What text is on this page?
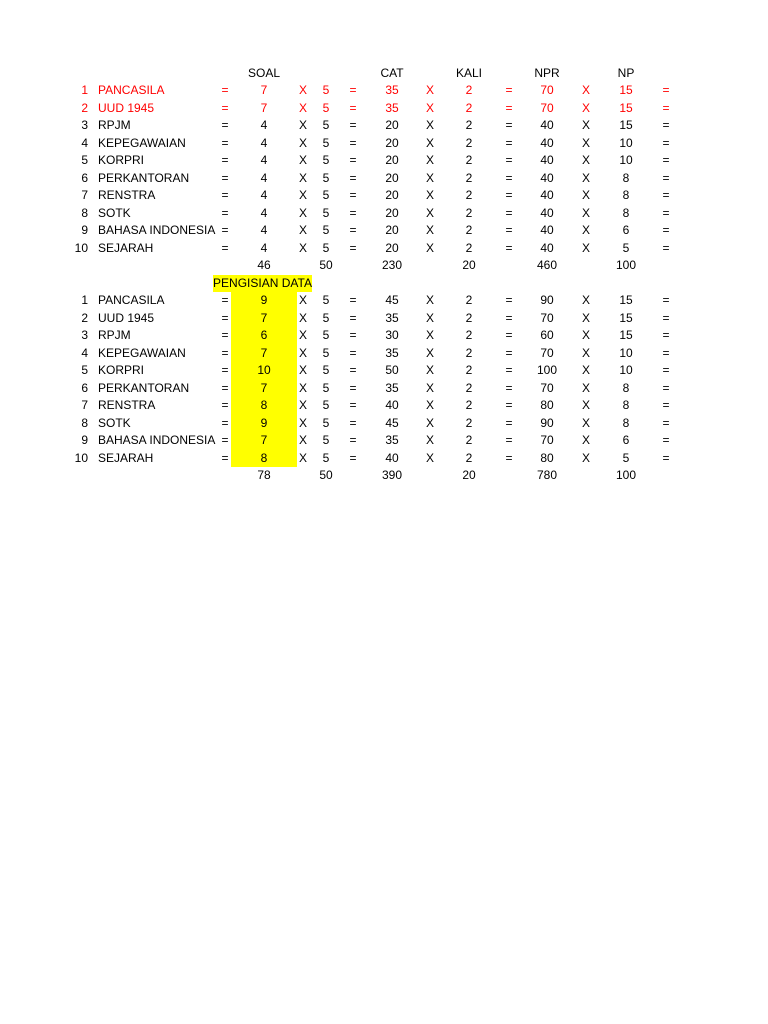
SOAL	CAT	KALI	NPR	NP
1 PANCASILA	=	7	X	5	=	35	X	2	=	70	X	15	=
2 UUD 1945	=	7	X	5	=	35	X	2	=	70	X	15	=
3 RPJM	=	4	X	5	=	20	X	2	=	40	X	15	=
4 KEPEGAWAIAN	=	4	X	5	=	20	X	2	=	40	X	10	=
5 KORPRI	=	4	X	5	=	20	X	2	=	40	X	10	=
6 PERKANTORAN	=	4	X	5	=	20	X	2	=	40	X	8	=
7 RENSTRA	=	4	X	5	=	20	X	2	=	40	X	8	=
8 SOTK	=	4	X	5	=	20	X	2	=	40	X	8	=
9 BAHASA INDONESIA =	4	X	5	=	20	X	2	=	40	X	6	=
10 SEJARAH	=	4	X	5	=	20	X	2	=	40	X	5	=
46	50	230	20	460	100
PENGISIAN DATA
1 PANCASILA	=	9	X	5	=	45	X	2	=	90	X	15	=
2 UUD 1945	=	7	X	5	=	35	X	2	=	70	X	15	=
3 RPJM	=	6	X	5	=	30	X	2	=	60	X	15	=
4 KEPEGAWAIAN	=	7	X	5	=	35	X	2	=	70	X	10	=
5 KORPRI	=	10	X	5	=	50	X	2	=	100	X	10	=
6 PERKANTORAN	=	7	X	5	=	35	X	2	=	70	X	8	=
7 RENSTRA	=	8	X	5	=	40	X	2	=	80	X	8	=
8 SOTK	=	9	X	5	=	45	X	2	=	90	X	8	=
9 BAHASA INDONESIA =	7	X	5	=	35	X	2	=	70	X	6	=
10 SEJARAH	=	8	X	5	=	40	X	2	=	80	X	5	=
78	50	390	20	780	100
